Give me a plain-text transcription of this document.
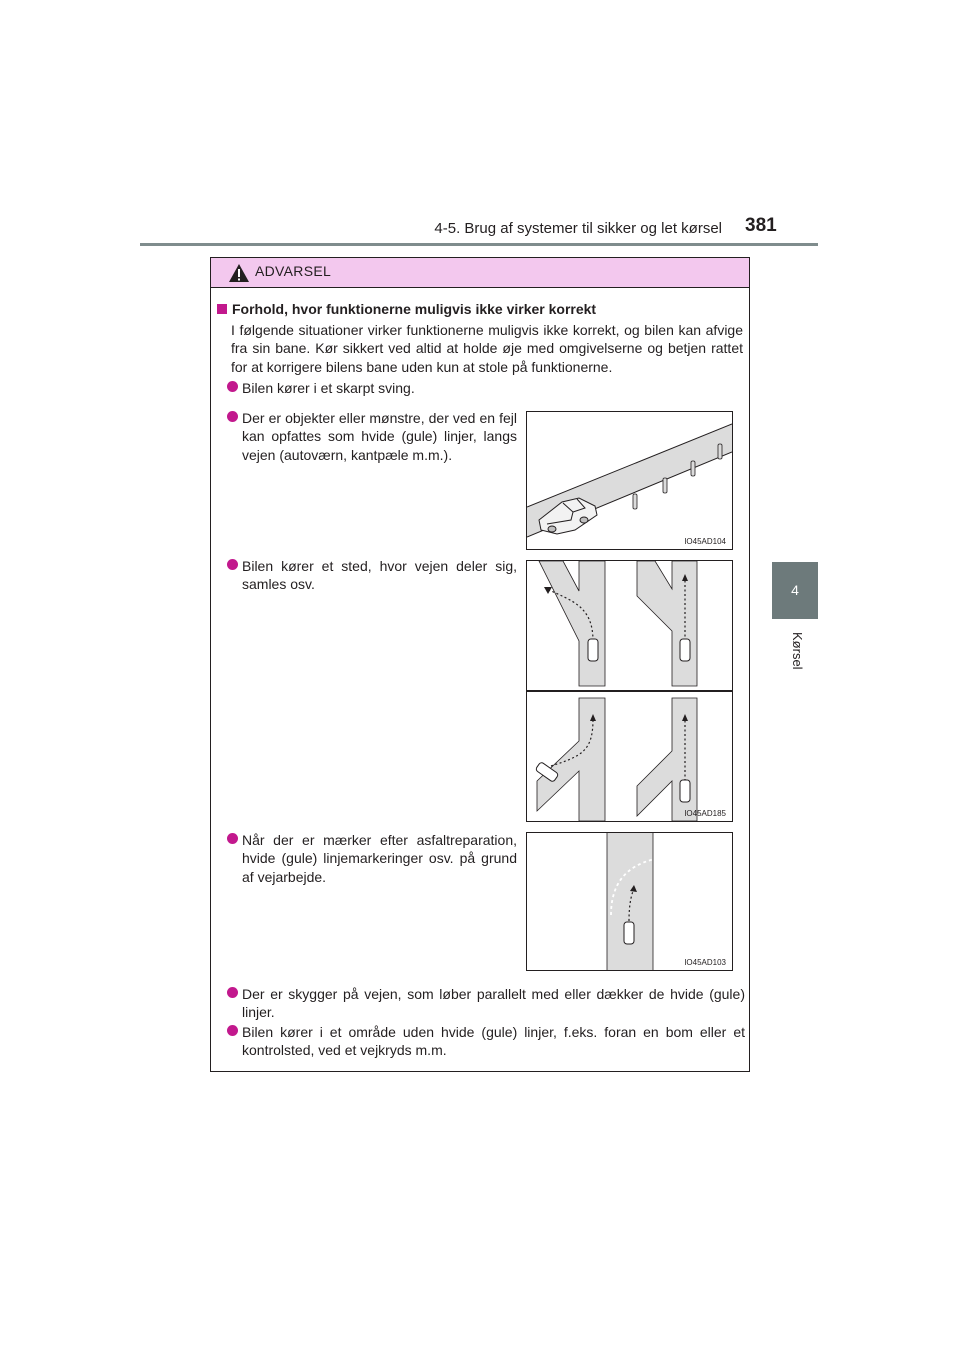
4-5. Brug af systemer til sikker og let kørsel 381
4
Kørsel
ADVARSEL
Forhold, hvor funktionerne muligvis ikke virker korrekt
I følgende situationer virker funktionerne muligvis ikke korrekt, og bilen kan afvige fra sin bane. Kør sikkert ved altid at holde øje med omgivelserne og betjen rattet for at korrigere bilens bane uden kun at stole på funktionerne.
Bilen kører i et skarpt sving.
Der er objekter eller mønstre, der ved en fejl kan opfattes som hvide (gule) linjer, langs vejen (autoværn, kantpæle m.m.).
Bilen kører et sted, hvor vejen deler sig, samles osv.
Når der er mærker efter asfaltreparation, hvide (gule) linjemarkeringer osv. på grund af vejarbejde.
Der er skygger på vejen, som løber parallelt med eller dækker de hvide (gule) linjer.
Bilen kører i et område uden hvide (gule) linjer, f.eks. foran en bom eller et kontrolsted, ved et vejkryds m.m.
IO45AD104
IO45AD185
IO45AD103
